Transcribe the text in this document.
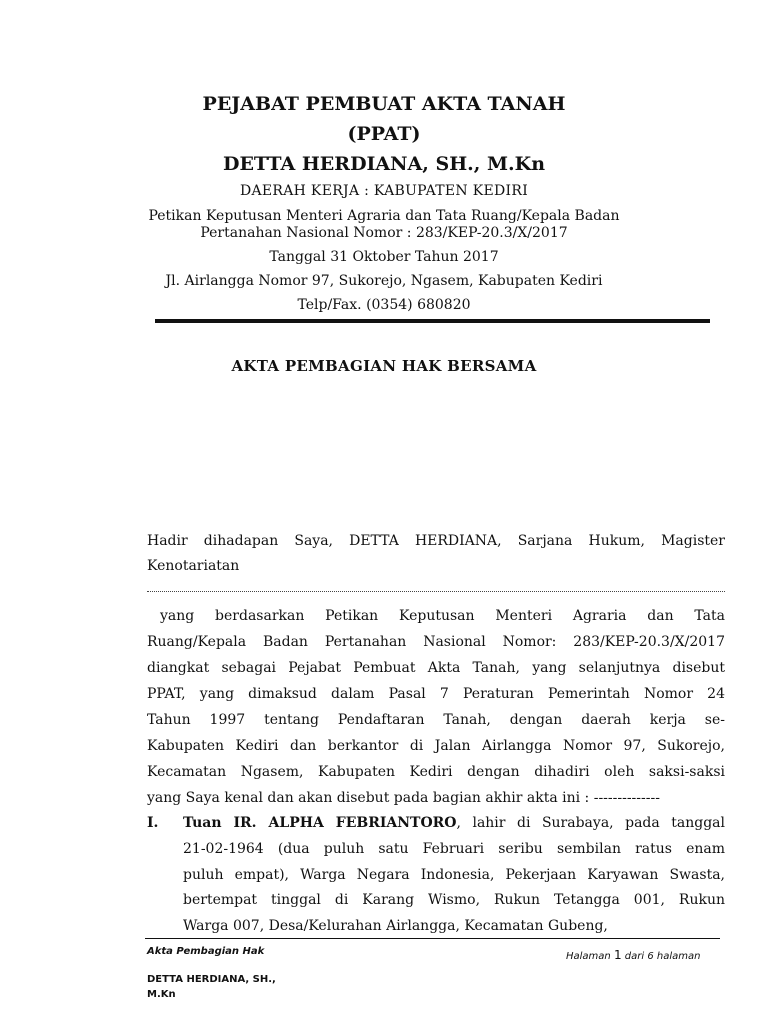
PEJABAT PEMBUAT AKTA TANAH
(PPAT)
DETTA HERDIANA, SH., M.Kn
DAERAH KERJA : KABUPATEN KEDIRI
Petikan Keputusan Menteri Agraria dan Tata Ruang/Kepala Badan
Pertanahan Nasional Nomor : 283/KEP-20.3/X/2017
Tanggal 31 Oktober Tahun 2017
Jl. Airlangga Nomor 97, Sukorejo, Ngasem, Kabupaten Kediri
Telp/Fax. (0354) 680820
AKTA PEMBAGIAN HAK BERSAMA
Hadir dihadapan Saya, DETTA HERDIANA, Sarjana Hukum, Magister
Kenotariatan
yang berdasarkan Petikan Keputusan Menteri Agraria dan Tata
Ruang/Kepala Badan Pertanahan Nasional Nomor: 283/KEP-20.3/X/2017
diangkat sebagai Pejabat Pembuat Akta Tanah, yang selanjutnya disebut
PPAT, yang dimaksud dalam Pasal 7 Peraturan Pemerintah Nomor 24
Tahun 1997 tentang Pendaftaran Tanah, dengan daerah kerja se-
Kabupaten Kediri dan berkantor di Jalan Airlangga Nomor 97, Sukorejo,
Kecamatan Ngasem, Kabupaten Kediri dengan dihadiri oleh saksi-saksi
yang Saya kenal dan akan disebut pada bagian akhir akta ini : --------------
I.	Tuan IR. ALPHA FEBRIANTORO, lahir di Surabaya, pada tanggal
21-02-1964 (dua puluh satu Februari seribu sembilan ratus enam
puluh empat), Warga Negara Indonesia, Pekerjaan Karyawan Swasta,
bertempat tinggal di Karang Wismo, Rukun Tetangga 001, Rukun
Warga 007, Desa/Kelurahan Airlangga, Kecamatan Gubeng,
Akta Pembagian Hak	Halaman 1 dari 6 halaman
DETTA HERDIANA, SH.,
M.Kn
